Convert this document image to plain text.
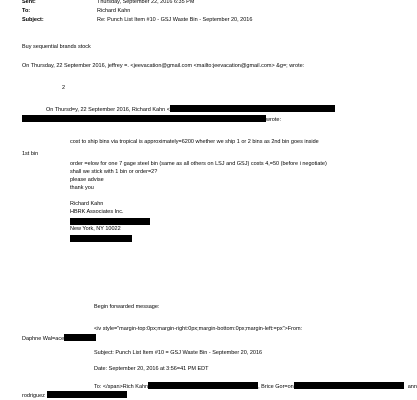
Sent:	Thursday, September 22, 2016 6:35 PM
To:	Richard Kahn
Subject:	Re: Punch List Item #10 - GSJ Waste Bin - September 20, 2016
Buy sequential brands stock
On Thursday, 22 September 2016, jeffrey =. <jeevacation@gmail.com <mailto:jeevacation@gmail.com> &g=; wrote:
2
On Thursd=y, 22 September 2016, Richard Kahn <
wrote:
cost to ship bins via tropical is approximately=6200 whether we ship 1 or 2 bins as 2nd bin goes inside
1st bin
order =elow for one 7 gage steel bin (same as all others on LSJ and GSJ) costs 4,=50 (before i negotiate)
shall we stick with 1 bin or order=2?
please advise
thank you
Richard Kahn
HBRK Associates Inc.
New York, NY 10022
Begin forwarded message:
<iv style="margin-top:0px;margin-right:0px;margin-bottom:0px;margin-left:=px">From:
Daphne Wal=ace
Subject: Punch List Item #10 = GSJ Waste Bin - September 20, 2016
Date: September 20, 2016 at 3:56=41 PM EDT
To: </span>Rich Kahn	, Brice Gor=on	ann
rodriguez
